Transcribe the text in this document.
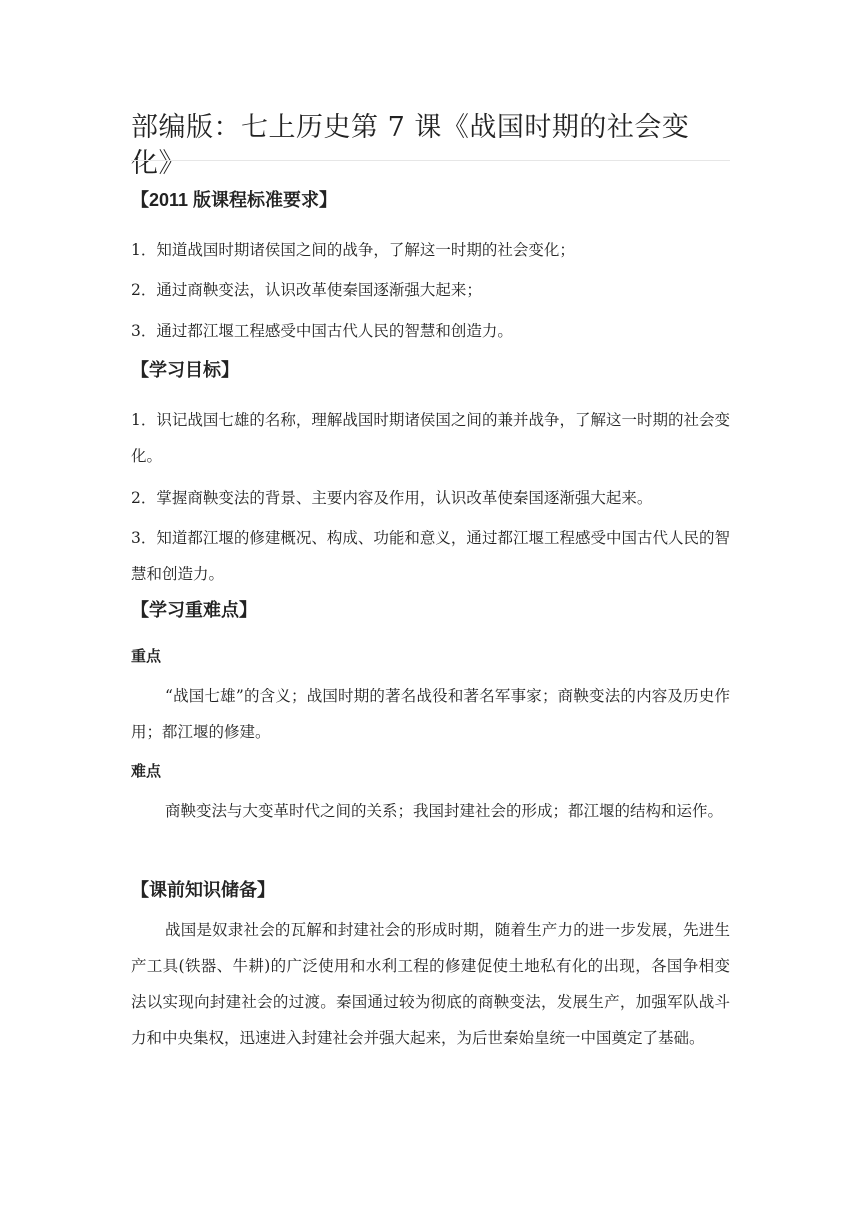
部编版：七上历史第 7 课《战国时期的社会变化》
【2011 版课程标准要求】

1．知道战国时期诸侯国之间的战争，了解这一时期的社会变化；

2．通过商鞅变法，认识改革使秦国逐渐强大起来；

3．通过都江堰工程感受中国古代人民的智慧和创造力。

【学习目标】

1．识记战国七雄的名称，理解战国时期诸侯国之间的兼并战争，了解这一时期的社会变化。

2．掌握商鞅变法的背景、主要内容及作用，认识改革使秦国逐渐强大起来。

3．知道都江堰的修建概况、构成、功能和意义，通过都江堰工程感受中国古代人民的智慧和创造力。

【学习重难点】
重点

“战国七雄”的含义；战国时期的著名战役和著名军事家；商鞅变法的内容及历史作用；都江堰的修建。

难点

商鞅变法与大变革时代之间的关系；我国封建社会的形成；都江堰的结构和运作。

【课前知识储备】

战国是奴隶社会的瓦解和封建社会的形成时期，随着生产力的进一步发展，先进生产工具(铁器、牛耕)的广泛使用和水利工程的修建促使土地私有化的出现，各国争相变法以实现向封建社会的过渡。秦国通过较为彻底的商鞅变法，发展生产，加强军队战斗力和中央集权，迅速进入封建社会并强大起来，为后世秦始皇统一中国奠定了基础。
